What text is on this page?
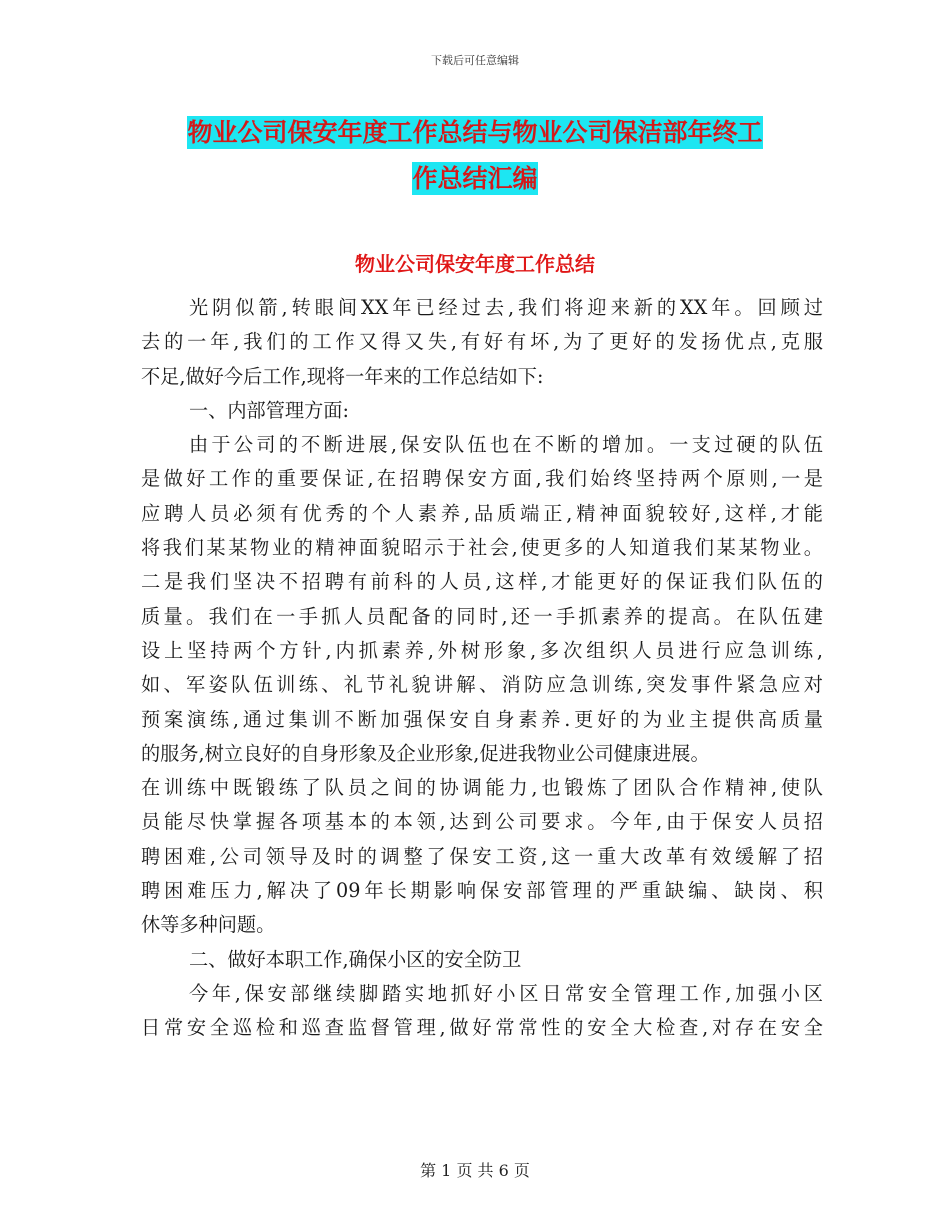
下载后可任意编辑
物业公司保安年度工作总结与物业公司保洁部年终工
作总结汇编
物业公司保安年度工作总结
光阴似箭,转眼间XX年已经过去,我们将迎来新的XX年。回顾过
去的一年,我们的工作又得又失,有好有坏,为了更好的发扬优点,克服
不足,做好今后工作,现将一年来的工作总结如下:
一、内部管理方面:
由于公司的不断进展,保安队伍也在不断的增加。一支过硬的队伍
是做好工作的重要保证,在招聘保安方面,我们始终坚持两个原则,一是
应聘人员必须有优秀的个人素养,品质端正,精神面貌较好,这样,才能
将我们某某物业的精神面貌昭示于社会,使更多的人知道我们某某物业。
二是我们坚决不招聘有前科的人员,这样,才能更好的保证我们队伍的
质量。我们在一手抓人员配备的同时,还一手抓素养的提高。在队伍建
设上坚持两个方针,内抓素养,外树形象,多次组织人员进行应急训练,
如、军姿队伍训练、礼节礼貌讲解、消防应急训练,突发事件紧急应对
预案演练,通过集训不断加强保安自身素养.更好的为业主提供高质量
的服务,树立良好的自身形象及企业形象,促进我物业公司健康进展。
在训练中既锻练了队员之间的协调能力,也锻炼了团队合作精神,使队
员能尽快掌握各项基本的本领,达到公司要求。今年,由于保安人员招
聘困难,公司领导及时的调整了保安工资,这一重大改革有效缓解了招
聘困难压力,解决了09年长期影响保安部管理的严重缺编、缺岗、积
休等多种问题。
二、做好本职工作,确保小区的安全防卫
今年,保安部继续脚踏实地抓好小区日常安全管理工作,加强小区
日常安全巡检和巡查监督管理,做好常常性的安全大检查,对存在安全
第 1 页 共 6 页
